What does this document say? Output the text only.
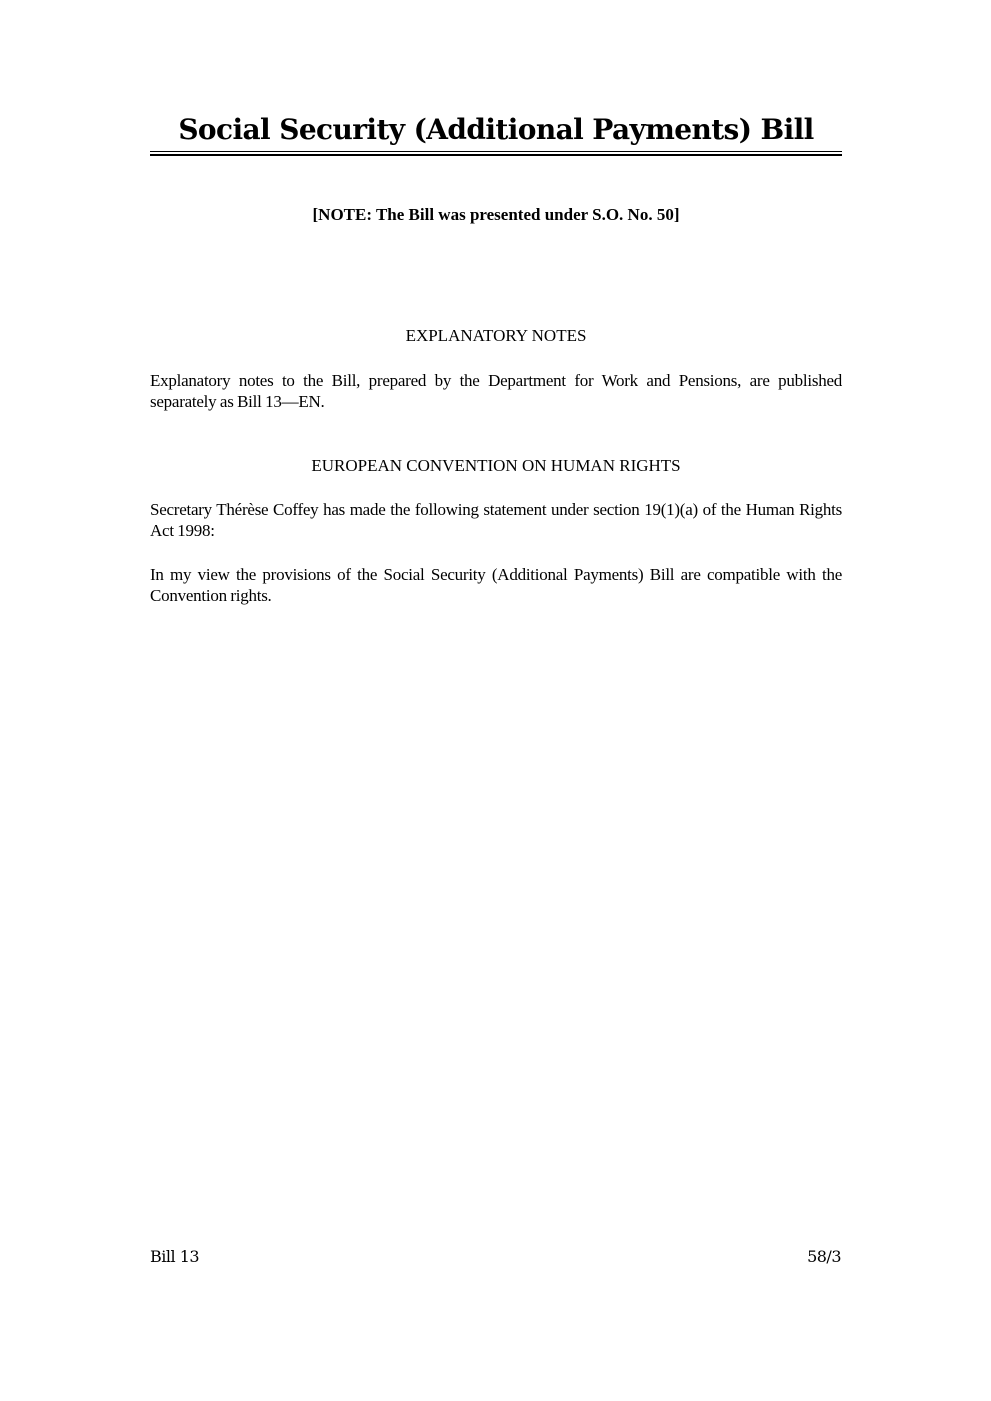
Social Security (Additional Payments) Bill
[NOTE: The Bill was presented under S.O. No. 50]
EXPLANATORY NOTES
Explanatory notes to the Bill, prepared by the Department for Work and Pensions, are published separately as Bill 13—EN.
EUROPEAN CONVENTION ON HUMAN RIGHTS
Secretary Thérèse Coffey has made the following statement under section 19(1)(a) of the Human Rights Act 1998:
In my view the provisions of the Social Security (Additional Payments) Bill are compatible with the Convention rights.
Bill 13	58/3
